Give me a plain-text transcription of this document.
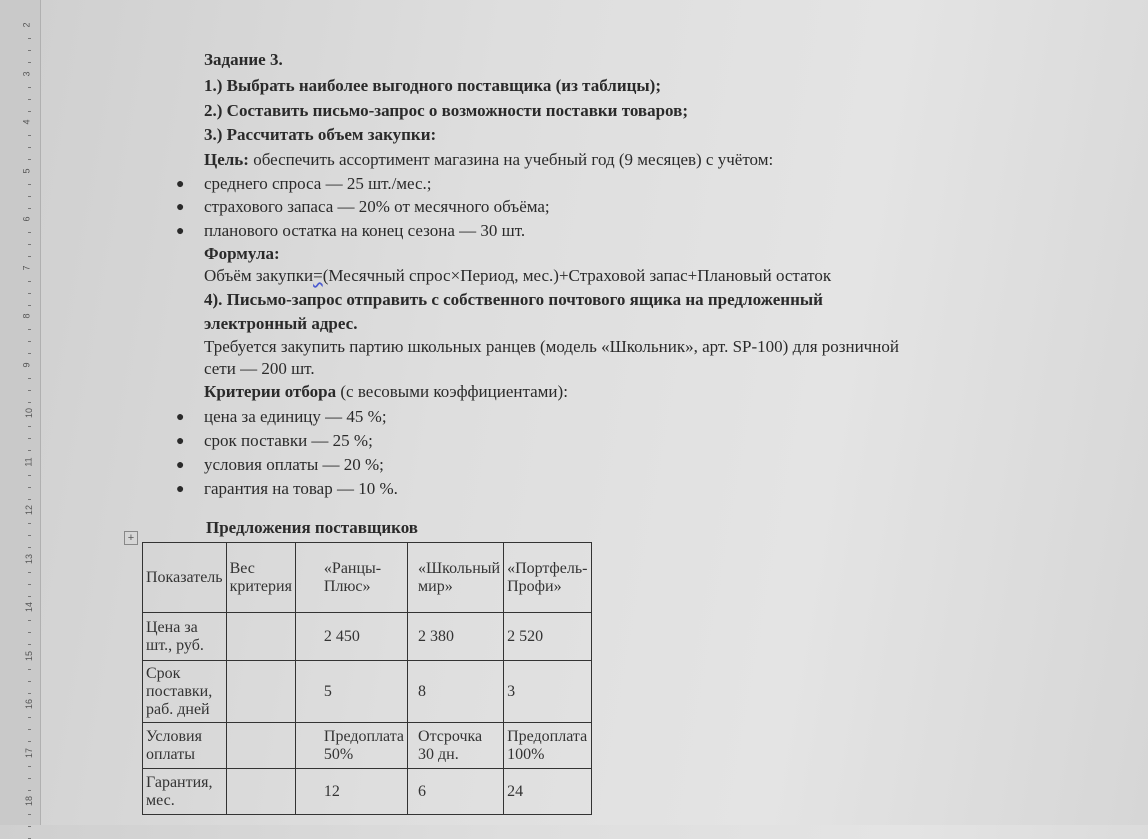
2
3
4
5
6
7
8
9
10
11
12
13
14
15
16
17
18
Задание 3.
1.) Выбрать наиболее выгодного поставщика (из таблицы);
2.) Составить письмо-запрос о возможности поставки товаров;
3.) Рассчитать объем закупки:
Цель: обеспечить ассортимент магазина на учебный год (9 месяцев) с учётом:
● среднего спроса — 25 шт./мес.;
● страхового запаса — 20% от месячного объёма;
● планового остатка на конец сезона — 30 шт.
Формула:
Объём закупки=(Месячный спрос×Период, мес.)+Страховой запас+Плановый остаток
4). Письмо-запрос отправить с собственного почтового ящика на предложенный
электронный адрес.
Требуется закупить партию школьных ранцев (модель «Школьник», арт. SP-100) для розничной
сети — 200 шт.
Критерии отбора (с весовыми коэффициентами):
● цена за единицу — 45 %;
● срок поставки — 25 %;
● условия оплаты — 20 %;
● гарантия на товар — 10 %.
+
Предложения поставщиков
Показатель	Вес критерия	«Ранцы-Плюс»	«Школьный мир»	«Портфель-Профи»
Цена за шт., руб.		2 450	2 380	2 520
Срок поставки, раб. дней		5	8	3
Условия оплаты		Предоплата 50%	Отсрочка 30 дн.	Предоплата 100%
Гарантия, мес.		12	6	24
